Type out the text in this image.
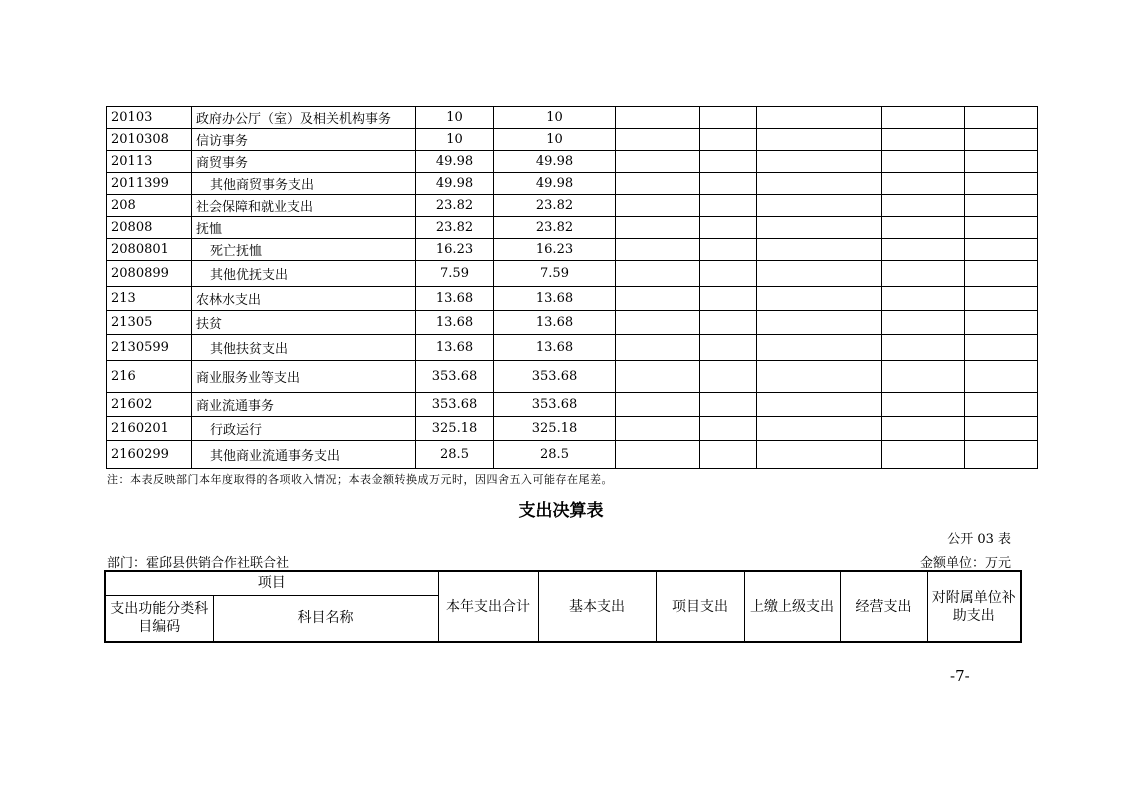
20103	政府办公厅（室）及相关机构事务	10	10					
2010308	信访事务	10	10					
20113	商贸事务	49.98	49.98					
2011399	其他商贸事务支出	49.98	49.98					
208	社会保障和就业支出	23.82	23.82					
20808	抚恤	23.82	23.82					
2080801	死亡抚恤	16.23	16.23					
2080899	其他优抚支出	7.59	7.59					
213	农林水支出	13.68	13.68					
21305	扶贫	13.68	13.68					
2130599	其他扶贫支出	13.68	13.68					
216	商业服务业等支出	353.68	353.68					
21602	商业流通事务	353.68	353.68					
2160201	行政运行	325.18	325.18					
2160299	其他商业流通事务支出	28.5	28.5					
注：本表反映部门本年度取得的各项收入情况；本表金额转换成万元时，因四舍五入可能存在尾差。
支出决算表
公开 03 表
部门：霍邱县供销合作社联合社	金额单位：万元
项目		本年支出合计	基本支出	项目支出	上缴上级支出	经营支出	对附属单位补助支出
支出功能分类科目编码	科目名称						
-7-
